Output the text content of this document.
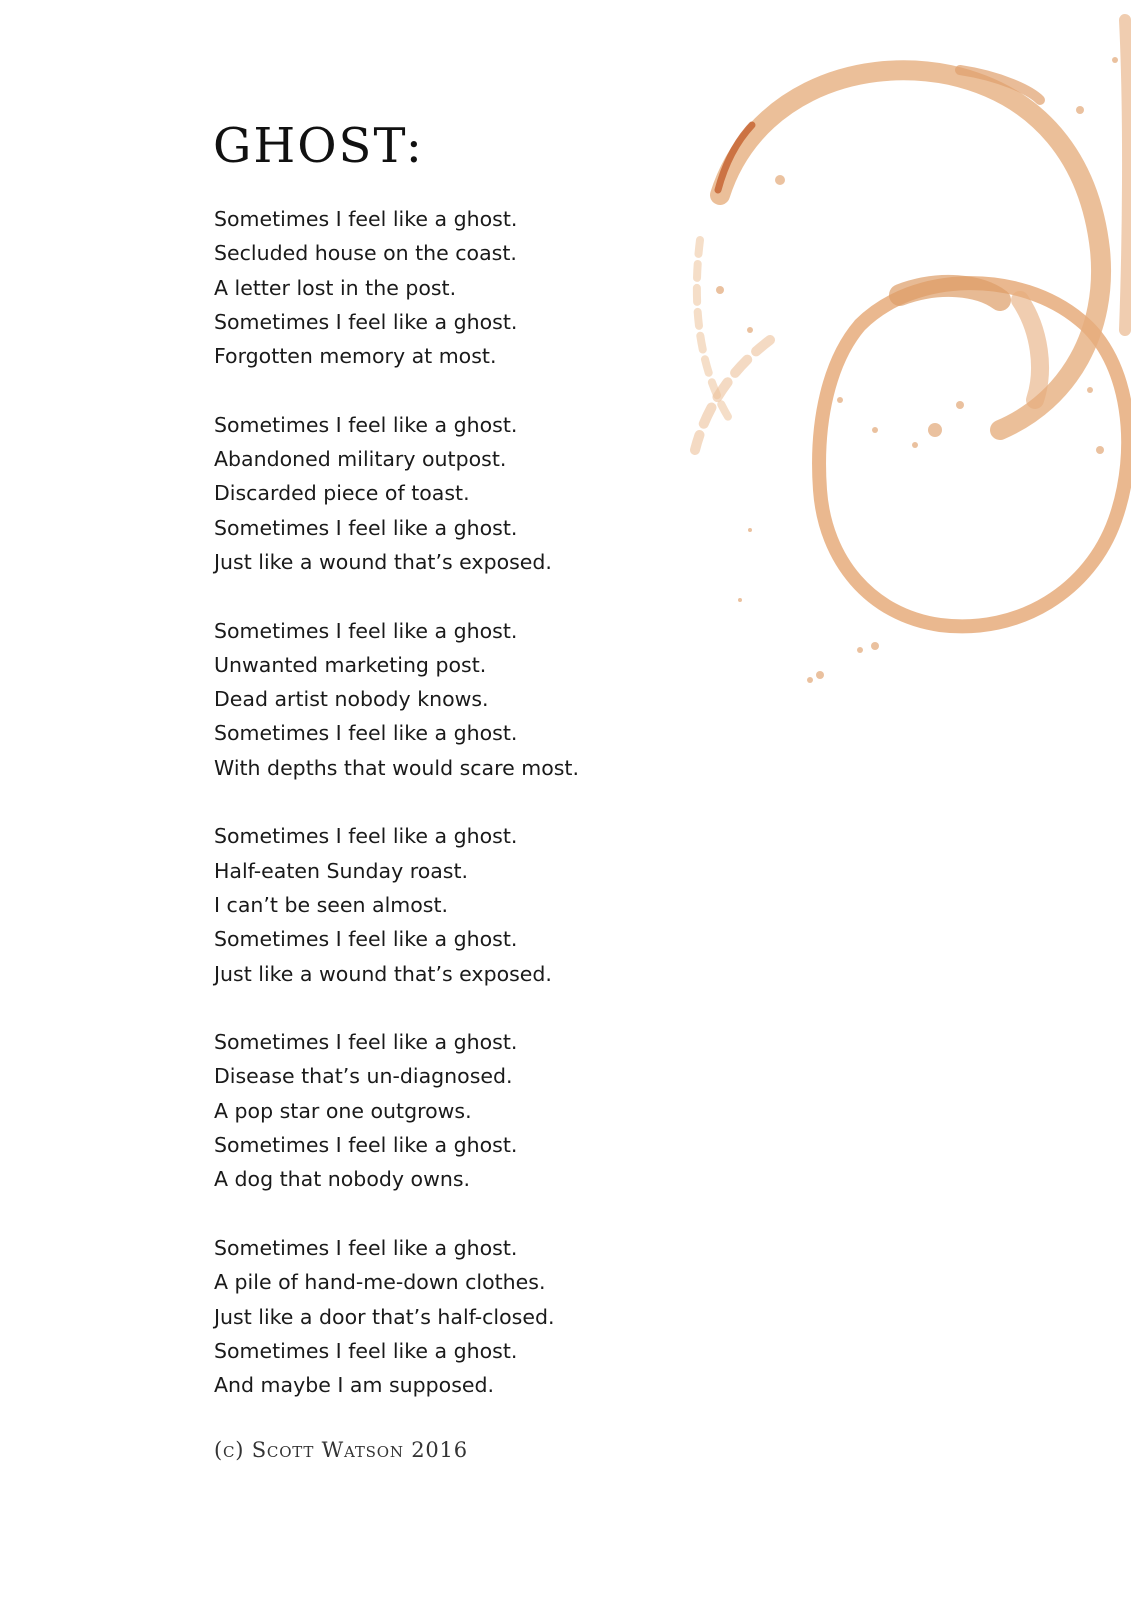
GHOST:
Sometimes I feel like a ghost.
Secluded house on the coast.
A letter lost in the post.
Sometimes I feel like a ghost.
Forgotten memory at most.
Sometimes I feel like a ghost.
Abandoned military outpost.
Discarded piece of toast.
Sometimes I feel like a ghost.
Just like a wound that’s exposed.
Sometimes I feel like a ghost.
Unwanted marketing post.
Dead artist nobody knows.
Sometimes I feel like a ghost.
With depths that would scare most.
Sometimes I feel like a ghost.
Half-eaten Sunday roast.
I can’t be seen almost.
Sometimes I feel like a ghost.
Just like a wound that’s exposed.
Sometimes I feel like a ghost.
Disease that’s un-diagnosed.
A pop star one outgrows.
Sometimes I feel like a ghost.
A dog that nobody owns.
Sometimes I feel like a ghost.
A pile of hand-me-down clothes.
Just like a door that’s half-closed.
Sometimes I feel like a ghost.
And maybe I am supposed.
(c) Scott Watson 2016
